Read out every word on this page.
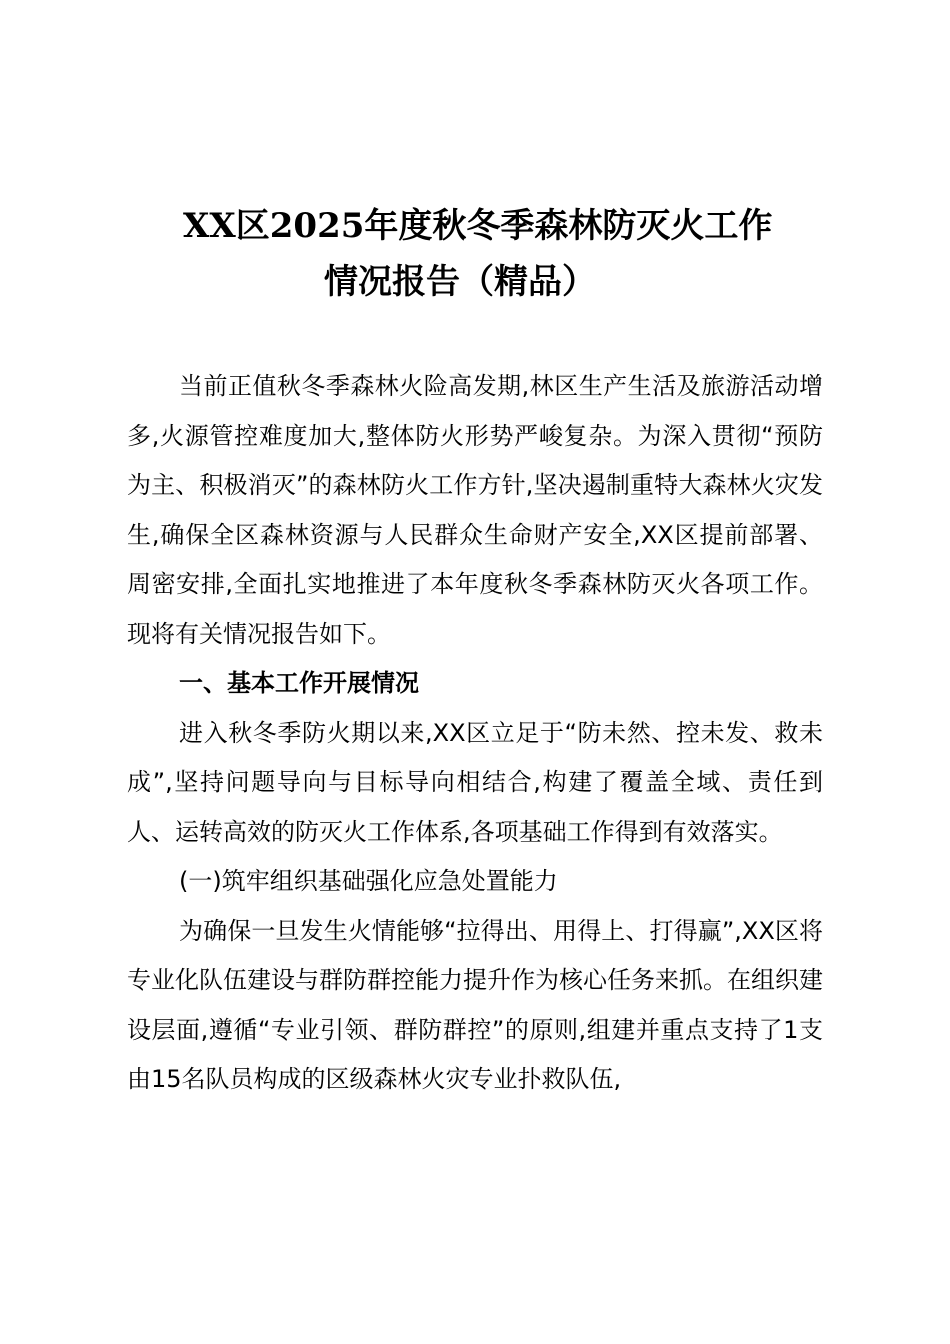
XX区2025年度秋冬季森林防灭火工作
情况报告（精品）

当前正值秋冬季森林火险高发期,林区生产生活及旅游活动增多,火源管控难度加大,整体防火形势严峻复杂。为深入贯彻“预防为主、积极消灭”的森林防火工作方针,坚决遏制重特大森林火灾发生,确保全区森林资源与人民群众生命财产安全,XX区提前部署、周密安排,全面扎实地推进了本年度秋冬季森林防灭火各项工作。现将有关情况报告如下。

一、基本工作开展情况

进入秋冬季防火期以来,XX区立足于“防未然、控未发、救未成”,坚持问题导向与目标导向相结合,构建了覆盖全域、责任到人、运转高效的防灭火工作体系,各项基础工作得到有效落实。

(一)筑牢组织基础强化应急处置能力

为确保一旦发生火情能够“拉得出、用得上、打得赢”,XX区将专业化队伍建设与群防群控能力提升作为核心任务来抓。在组织建设层面,遵循“专业引领、群防群控”的原则,组建并重点支持了1支由15名队员构成的区级森林火灾专业扑救队伍,
